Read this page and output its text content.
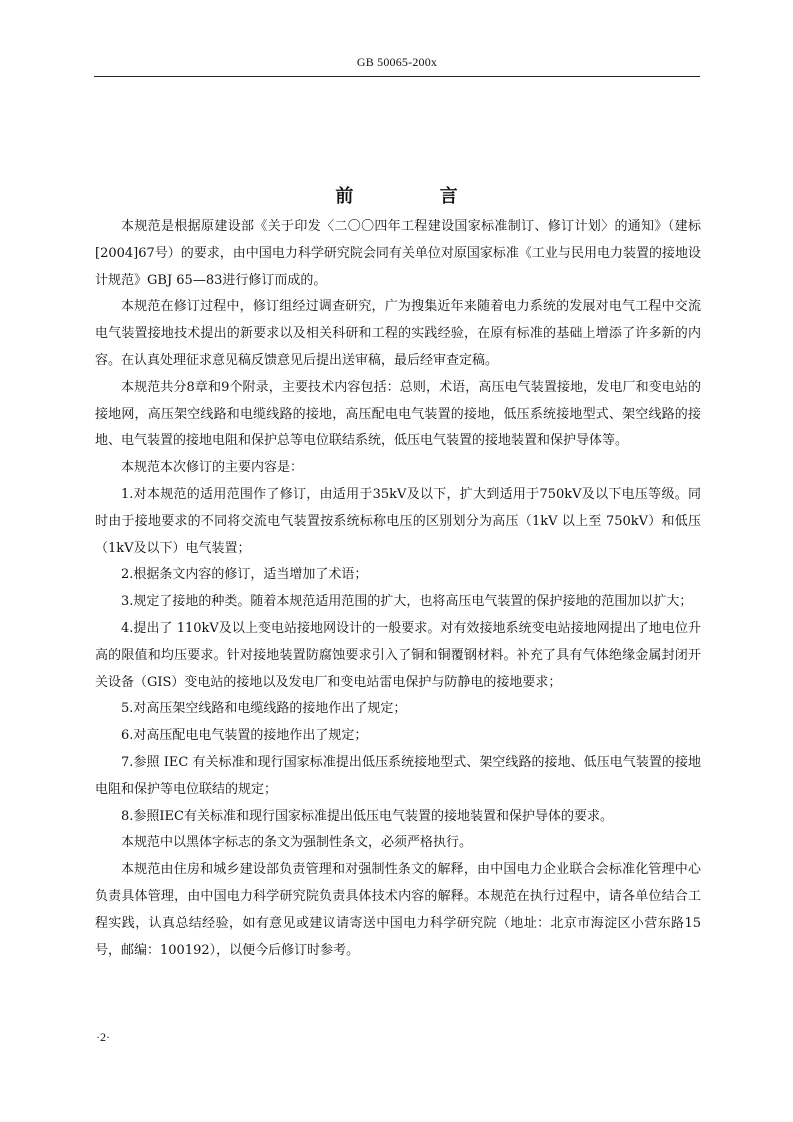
GB 50065-200x
前 言

本规范是根据原建设部《关于印发〈二〇〇四年工程建设国家标准制订、修订计划〉的通知》（建标[2004]67号）的要求，由中国电力科学研究院会同有关单位对原国家标准《工业与民用电力装置的接地设计规范》GBJ 65—83进行修订而成的。

本规范在修订过程中，修订组经过调查研究，广为搜集近年来随着电力系统的发展对电气工程中交流电气装置接地技术提出的新要求以及相关科研和工程的实践经验，在原有标准的基础上增添了许多新的内容。在认真处理征求意见稿反馈意见后提出送审稿，最后经审查定稿。

本规范共分8章和9个附录，主要技术内容包括：总则，术语，高压电气装置接地，发电厂和变电站的接地网，高压架空线路和电缆线路的接地，高压配电电气装置的接地，低压系统接地型式、架空线路的接地、电气装置的接地电阻和保护总等电位联结系统，低压电气装置的接地装置和保护导体等。

本规范本次修订的主要内容是：

1.对本规范的适用范围作了修订，由适用于35kV及以下，扩大到适用于750kV及以下电压等级。同时由于接地要求的不同将交流电气装置按系统标称电压的区别划分为高压（1kV 以上至 750kV）和低压（1kV及以下）电气装置；

2.根据条文内容的修订，适当增加了术语；

3.规定了接地的种类。随着本规范适用范围的扩大，也将高压电气装置的保护接地的范围加以扩大；

4.提出了 110kV及以上变电站接地网设计的一般要求。对有效接地系统变电站接地网提出了地电位升高的限值和均压要求。针对接地装置防腐蚀要求引入了铜和铜覆钢材料。补充了具有气体绝缘金属封闭开关设备（GIS）变电站的接地以及发电厂和变电站雷电保护与防静电的接地要求；

5.对高压架空线路和电缆线路的接地作出了规定；

6.对高压配电电气装置的接地作出了规定；

7.参照 IEC 有关标准和现行国家标准提出低压系统接地型式、架空线路的接地、低压电气装置的接地电阻和保护等电位联结的规定；

8.参照IEC有关标准和现行国家标准提出低压电气装置的接地装置和保护导体的要求。

本规范中以黑体字标志的条文为强制性条文，必须严格执行。

本规范由住房和城乡建设部负责管理和对强制性条文的解释，由中国电力企业联合会标准化管理中心负责具体管理，由中国电力科学研究院负责具体技术内容的解释。本规范在执行过程中，请各单位结合工程实践，认真总结经验，如有意见或建议请寄送中国电力科学研究院（地址：北京市海淀区小营东路15号，邮编：100192），以便今后修订时参考。

·2·
